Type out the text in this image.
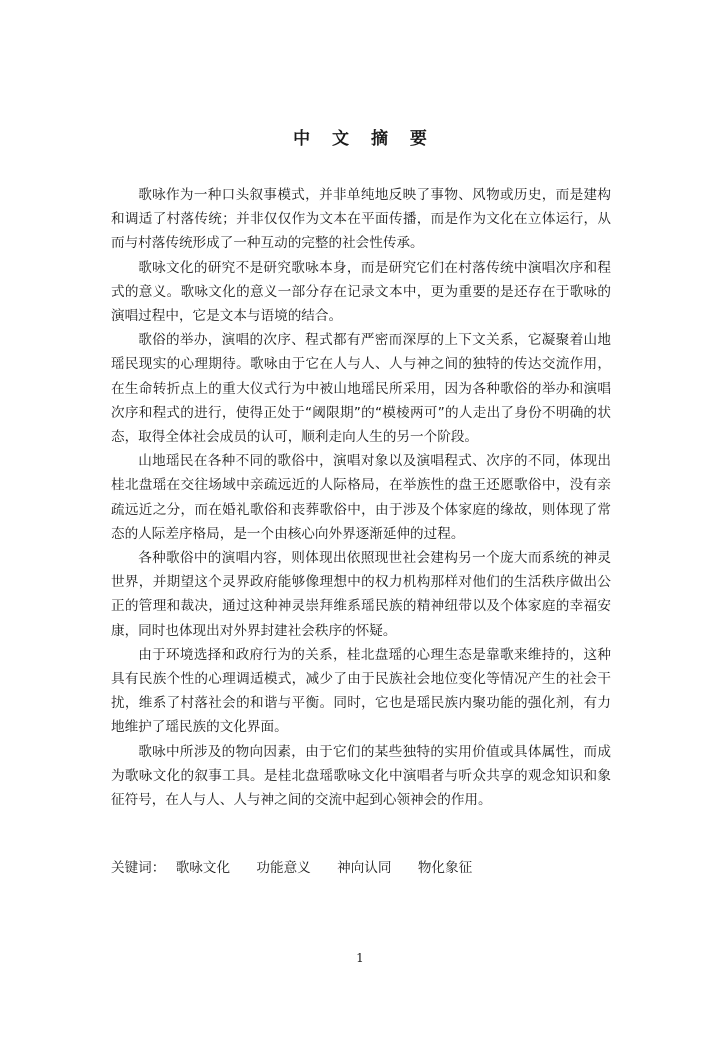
中 文 摘 要

歌咏作为一种口头叙事模式，并非单纯地反映了事物、风物或历史，而是建构和调适了村落传统；并非仅仅作为文本在平面传播，而是作为文化在立体运行，从而与村落传统形成了一种互动的完整的社会性传承。

歌咏文化的研究不是研究歌咏本身，而是研究它们在村落传统中演唱次序和程式的意义。歌咏文化的意义一部分存在记录文本中，更为重要的是还存在于歌咏的演唱过程中，它是文本与语境的结合。

歌俗的举办，演唱的次序、程式都有严密而深厚的上下文关系，它凝聚着山地瑶民现实的心理期待。歌咏由于它在人与人、人与神之间的独特的传达交流作用，在生命转折点上的重大仪式行为中被山地瑶民所采用，因为各种歌俗的举办和演唱次序和程式的进行，使得正处于“阈限期”的“模棱两可”的人走出了身份不明确的状态，取得全体社会成员的认可，顺利走向人生的另一个阶段。

山地瑶民在各种不同的歌俗中，演唱对象以及演唱程式、次序的不同，体现出桂北盘瑶在交往场域中亲疏远近的人际格局，在举族性的盘王还愿歌俗中，没有亲疏远近之分，而在婚礼歌俗和丧葬歌俗中，由于涉及个体家庭的缘故，则体现了常态的人际差序格局，是一个由核心向外界逐渐延伸的过程。

各种歌俗中的演唱内容，则体现出依照现世社会建构另一个庞大而系统的神灵世界，并期望这个灵界政府能够像理想中的权力机构那样对他们的生活秩序做出公正的管理和裁决，通过这种神灵崇拜维系瑶民族的精神纽带以及个体家庭的幸福安康，同时也体现出对外界封建社会秩序的怀疑。

由于环境选择和政府行为的关系，桂北盘瑶的心理生态是靠歌来维持的，这种具有民族个性的心理调适模式，减少了由于民族社会地位变化等情况产生的社会干扰，维系了村落社会的和谐与平衡。同时，它也是瑶民族内聚功能的强化剂，有力地维护了瑶民族的文化界面。

歌咏中所涉及的物向因素，由于它们的某些独特的实用价值或具体属性，而成为歌咏文化的叙事工具。是桂北盘瑶歌咏文化中演唱者与听众共享的观念知识和象征符号，在人与人、人与神之间的交流中起到心领神会的作用。

关键词： 歌咏文化 功能意义 神向认同 物化象征
1
